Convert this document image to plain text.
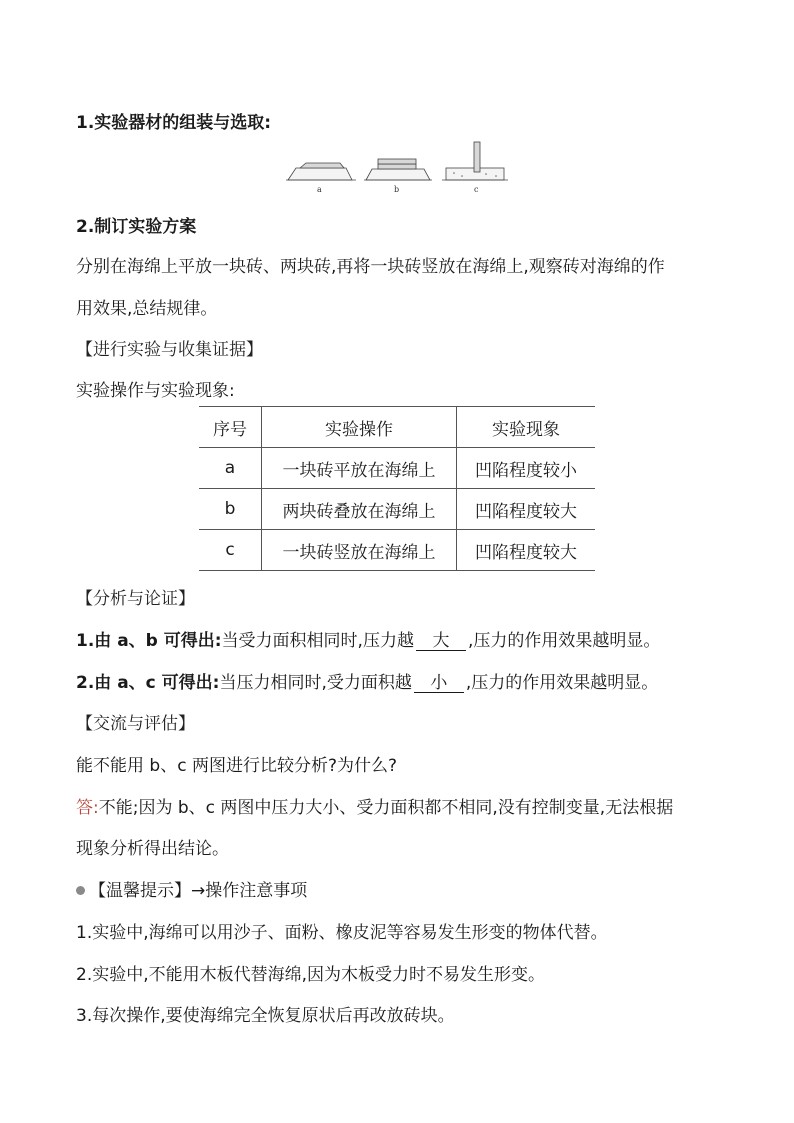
1.实验器材的组装与选取:
a	b	c
2.制订实验方案
分别在海绵上平放一块砖、两块砖,再将一块砖竖放在海绵上,观察砖对海绵的作
用效果,总结规律。
【进行实验与收集证据】
实验操作与实验现象:
序号	实验操作	实验现象
a	一块砖平放在海绵上	凹陷程度较小
b	两块砖叠放在海绵上	凹陷程度较大
c	一块砖竖放在海绵上	凹陷程度较大
【分析与论证】
1.由 a、b 可得出:当受力面积相同时,压力越 大 ,压力的作用效果越明显。
2.由 a、c 可得出:当压力相同时,受力面积越 小 ,压力的作用效果越明显。
【交流与评估】
能不能用 b、c 两图进行比较分析?为什么?
答:不能;因为 b、c 两图中压力大小、受力面积都不相同,没有控制变量,无法根据
现象分析得出结论。
【温馨提示】→操作注意事项
1.实验中,海绵可以用沙子、面粉、橡皮泥等容易发生形变的物体代替。
2.实验中,不能用木板代替海绵,因为木板受力时不易发生形变。
3.每次操作,要使海绵完全恢复原状后再改放砖块。
